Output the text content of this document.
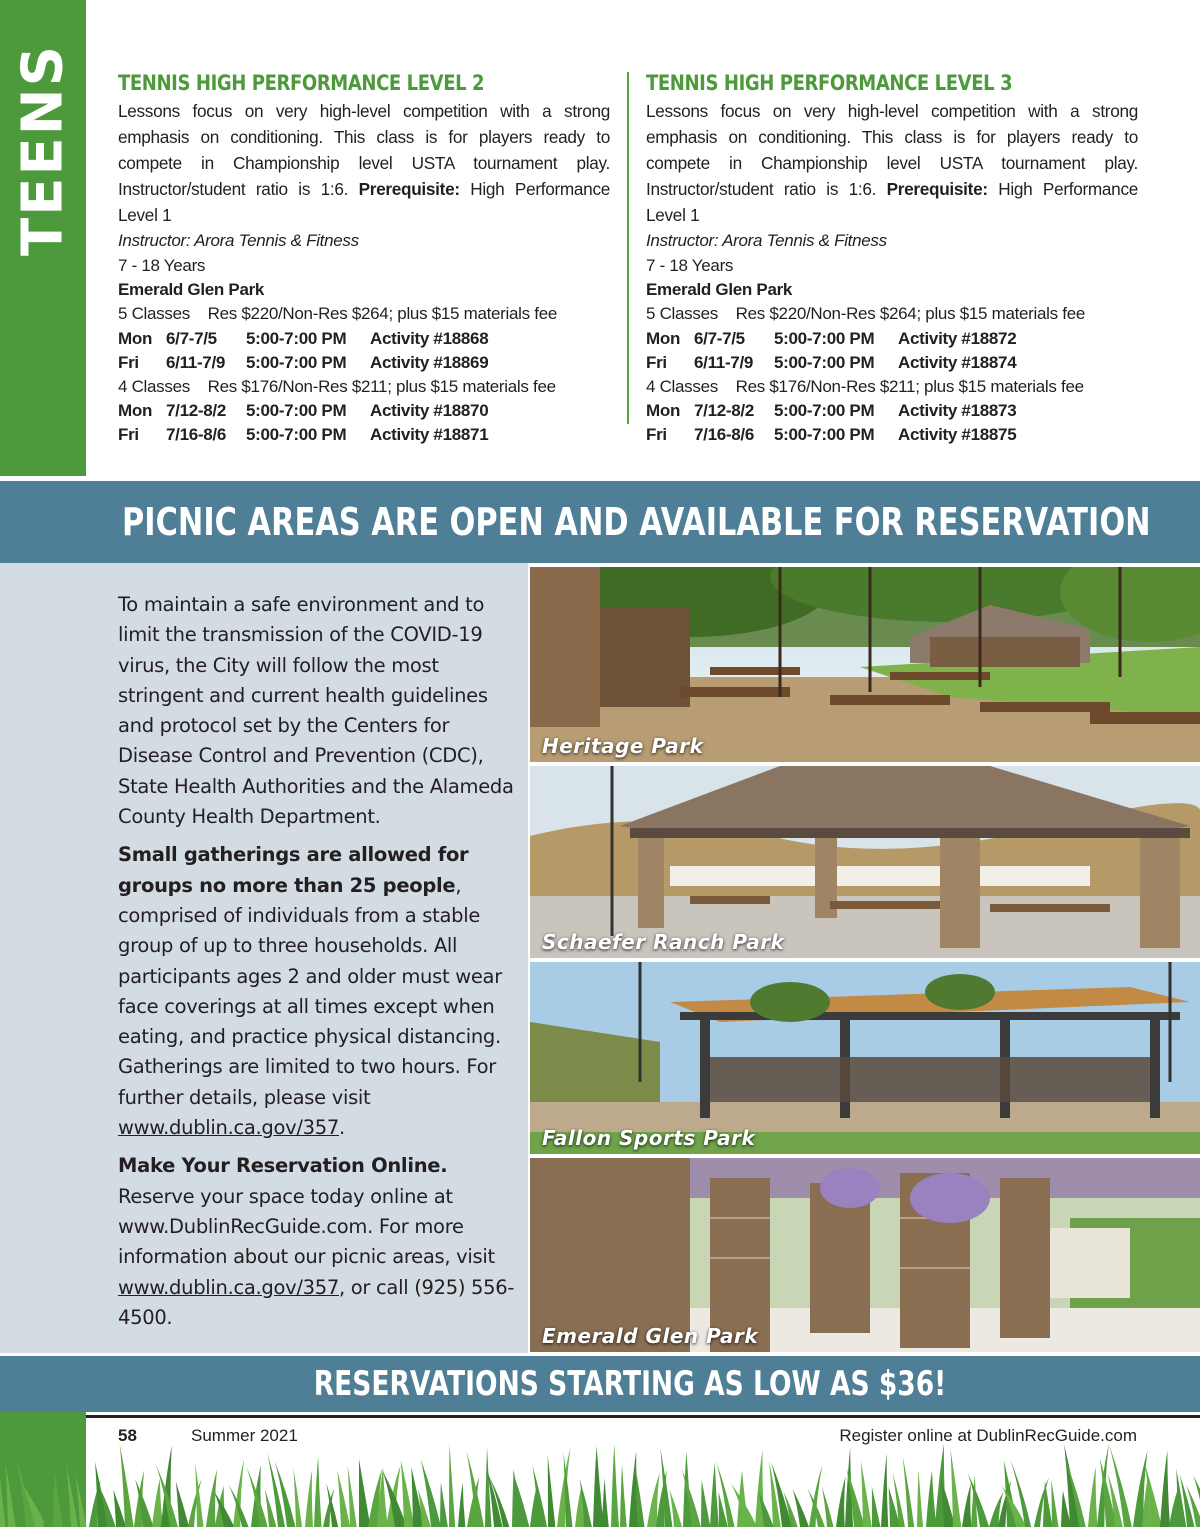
TEENS TENNIS HIGH PERFORMANCE LEVEL 2
Lessons focus on very high-level competition with a strong emphasis on conditioning. This class is for players ready to compete in Championship level USTA tournament play. Instructor/student ratio is 1:6. Prerequisite: High Performance Level 1
Instructor: Arora Tennis & Fitness
7 - 18 Years
Emerald Glen Park
5 Classes    Res $220/Non-Res $264; plus $15 materials fee
Mon 6/7-7/5	5:00-7:00 PM	Activity #18868
Fri	6/11-7/9	5:00-7:00 PM	Activity #18869
4 Classes    Res $176/Non-Res $211; plus $15 materials fee
Mon 7/12-8/2	5:00-7:00 PM	Activity #18870
Fri	7/16-8/6	5:00-7:00 PM	Activity #18871
TENNIS HIGH PERFORMANCE LEVEL 3
Lessons focus on very high-level competition with a strong emphasis on conditioning. This class is for players ready to compete in Championship level USTA tournament play. Instructor/student ratio is 1:6. Prerequisite: High Performance Level 1
Instructor: Arora Tennis & Fitness
7 - 18 Years
Emerald Glen Park
5 Classes    Res $220/Non-Res $264; plus $15 materials fee
Mon 6/7-7/5	5:00-7:00 PM	Activity #18872
Fri	6/11-7/9	5:00-7:00 PM	Activity #18874
4 Classes    Res $176/Non-Res $211; plus $15 materials fee
Mon 7/12-8/2	5:00-7:00 PM	Activity #18873
Fri	7/16-8/6	5:00-7:00 PM	Activity #18875
PICNIC AREAS ARE OPEN AND AVAILABLE FOR RESERVATION

To maintain a safe environment and to limit the transmission of the COVID-19 virus, the City will follow the most stringent and current health guidelines and protocol set by the Centers for Disease Control and Prevention (CDC), State Health Authorities and the Alameda County Health Department.

Small gatherings are allowed for groups no more than 25 people, comprised of individuals from a stable group of up to three households. All participants ages 2 and older must wear face coverings at all times except when eating, and practice physical distancing. Gatherings are limited to two hours. For further details, please visit www.dublin.ca.gov/357.

Make Your Reservation Online.

Reserve your space today online at www.DublinRecGuide.com. For more information about our picnic areas, visit www.dublin.ca.gov/357, or call (925) 556-4500.

Heritage Park
Schaefer Ranch Park
Fallon Sports Park
Emerald Glen Park
RESERVATIONS STARTING AS LOW AS $36!
58	Summer 2021	Register online at DublinRecGuide.com
